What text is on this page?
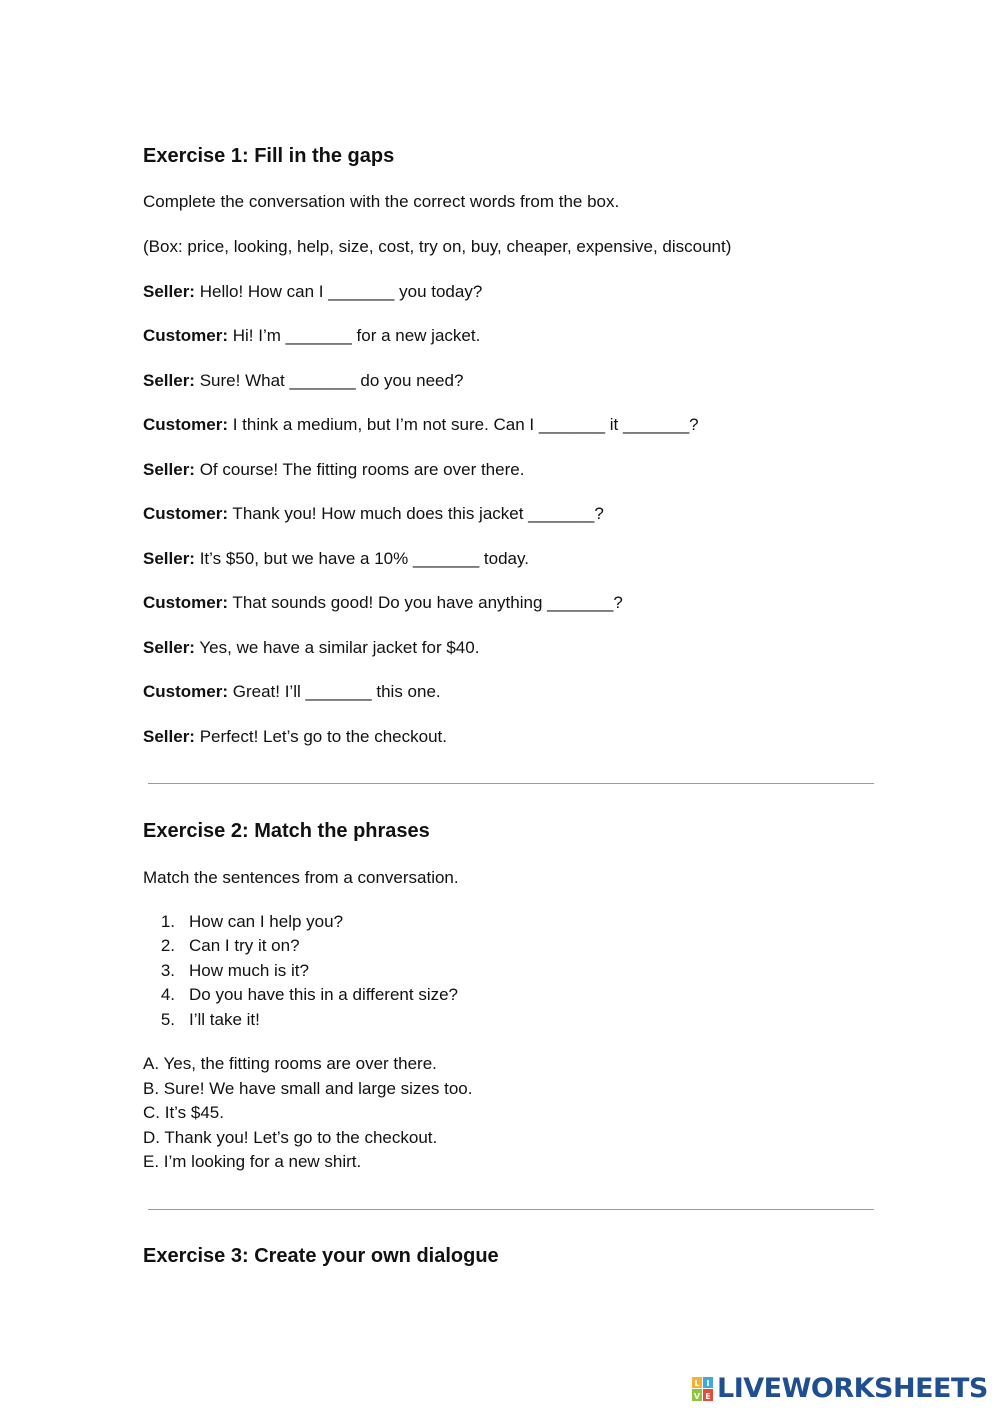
Exercise 1: Fill in the gaps
Complete the conversation with the correct words from the box.
(Box: price, looking, help, size, cost, try on, buy, cheaper, expensive, discount)
Seller: Hello! How can I _______ you today?
Customer: Hi! I’m _______ for a new jacket.
Seller: Sure! What _______ do you need?
Customer: I think a medium, but I’m not sure. Can I _______ it _______?
Seller: Of course! The fitting rooms are over there.
Customer: Thank you! How much does this jacket _______?
Seller: It’s $50, but we have a 10% _______ today.
Customer: That sounds good! Do you have anything _______?
Seller: Yes, we have a similar jacket for $40.
Customer: Great! I’ll _______ this one.
Seller: Perfect! Let’s go to the checkout.
Exercise 2: Match the phrases
Match the sentences from a conversation.
1. How can I help you?
2. Can I try it on?
3. How much is it?
4. Do you have this in a different size?
5. I’ll take it!
A. Yes, the fitting rooms are over there.
B. Sure! We have small and large sizes too.
C. It’s $45.
D. Thank you! Let’s go to the checkout.
E. I’m looking for a new shirt.
Exercise 3: Create your own dialogue
L I
V E LIVEWORKSHEETS
